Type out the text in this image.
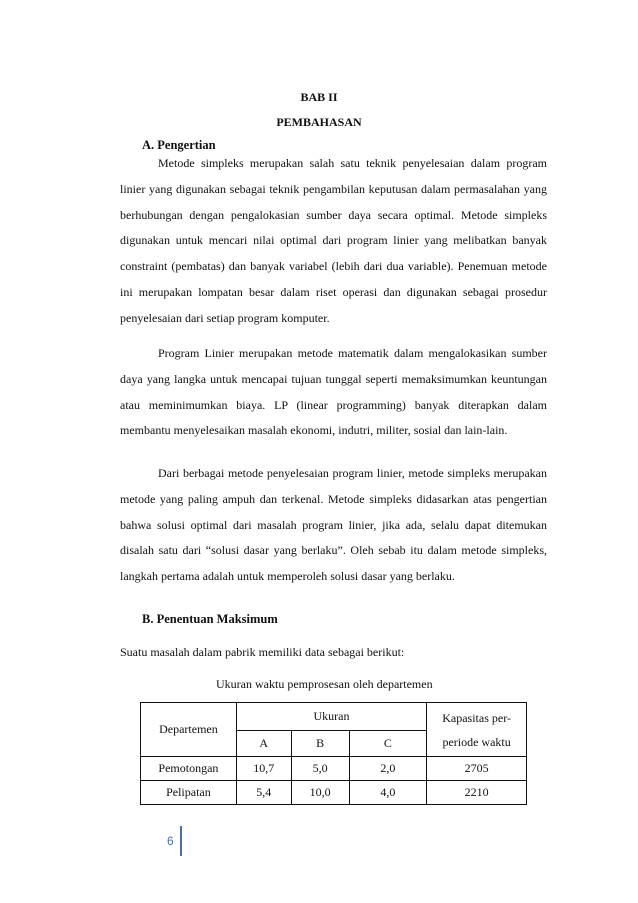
BAB II
PEMBAHASAN
A. Pengertian
Metode simpleks merupakan salah satu teknik penyelesaian dalam program linier yang digunakan sebagai teknik pengambilan keputusan dalam permasalahan yang berhubungan dengan pengalokasian sumber daya secara optimal. Metode simpleks digunakan untuk mencari nilai optimal dari program linier yang melibatkan banyak constraint (pembatas) dan banyak variabel (lebih dari dua variable). Penemuan metode ini merupakan lompatan besar dalam riset operasi dan digunakan sebagai prosedur penyelesaian dari setiap program komputer.
Program Linier merupakan metode matematik dalam mengalokasikan sumber daya yang langka untuk mencapai tujuan tunggal seperti memaksimumkan keuntungan atau meminimumkan biaya. LP (linear programming) banyak diterapkan dalam membantu menyelesaikan masalah ekonomi, indutri, militer, sosial dan lain-lain.
Dari berbagai metode penyelesaian program linier, metode simpleks merupakan metode yang paling ampuh dan terkenal. Metode simpleks didasarkan atas pengertian bahwa solusi optimal dari masalah program linier, jika ada, selalu dapat ditemukan disalah satu dari “solusi dasar yang berlaku”. Oleh sebab itu dalam metode simpleks, langkah pertama adalah untuk memperoleh solusi dasar yang berlaku.
B. Penentuan Maksimum
Suatu masalah dalam pabrik memiliki data sebagai berikut:
Ukuran waktu pemprosesan oleh departemen
Departemen	Ukuran			Kapasitas per-
periode waktu
	A	B	C	
Pemotongan	10,7	5,0	2,0	2705
Pelipatan	5,4	10,0	4,0	2210
6
